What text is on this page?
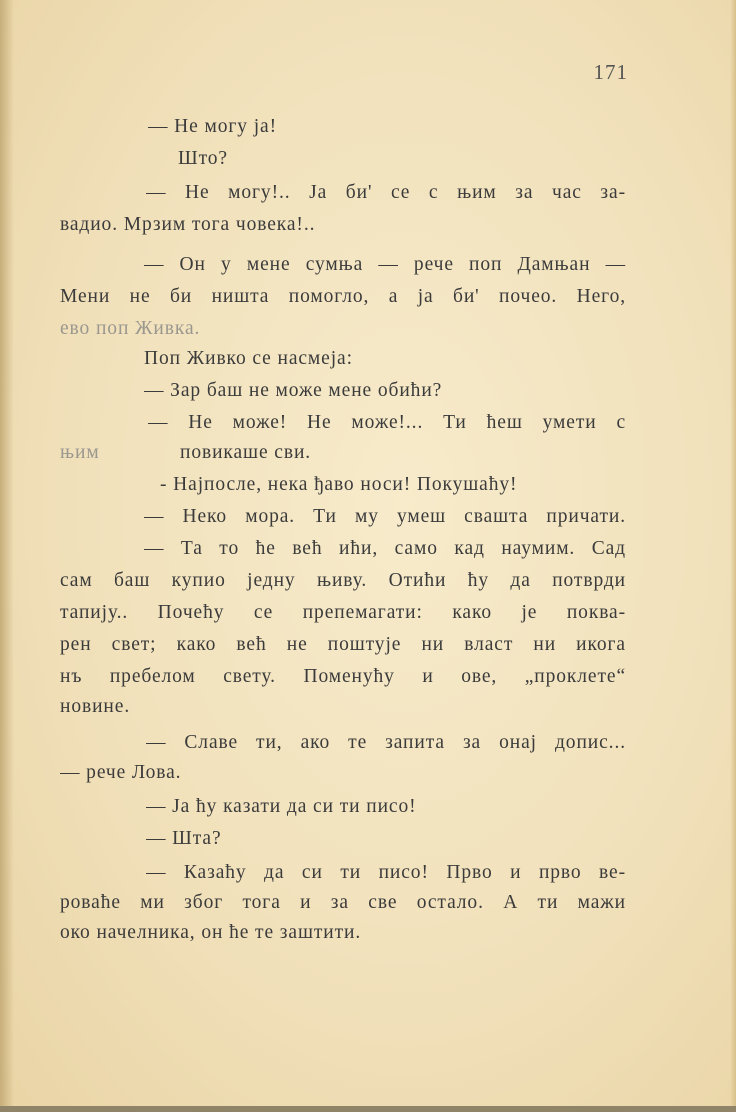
171
— Не могу ја!
Што?
— Не могу!.. Ја би' се с њим за час за-
вадио. Мрзим тога човека!..
— Он у мене сумња — рече поп Дамњан —
Мени не би ништа помогло, а ја би' почео. Него,
ево поп Живка.
Поп Живко се насмеја:
— Зар баш не може мене обићи?
— Не може! Не може!... Ти ћеш умети с
њим	повикаше сви.
- Најпосле, нека ђаво носи! Покушаћу!
— Неко мора. Ти му умеш свашта причати.
— Та то ће већ ићи, само кад наумим. Сад
сам баш купио једну њиву. Отићи ћу да потврди
тапију.. Почећу се препемагати: како је поква-
рен свет; како већ не поштује ни власт ни икога
нъ пребелом свету. Поменућу и ове, „проклете“
новине.
— Славе ти, ако те запита за онај допис...
— рече Лова.
— Ја ћу казати да си ти писо!
— Шта?
— Казаћу да си ти писо! Прво и прво ве-
роваће ми због тога и за све остало. А ти мажи
око начелника, он ће те заштити.
